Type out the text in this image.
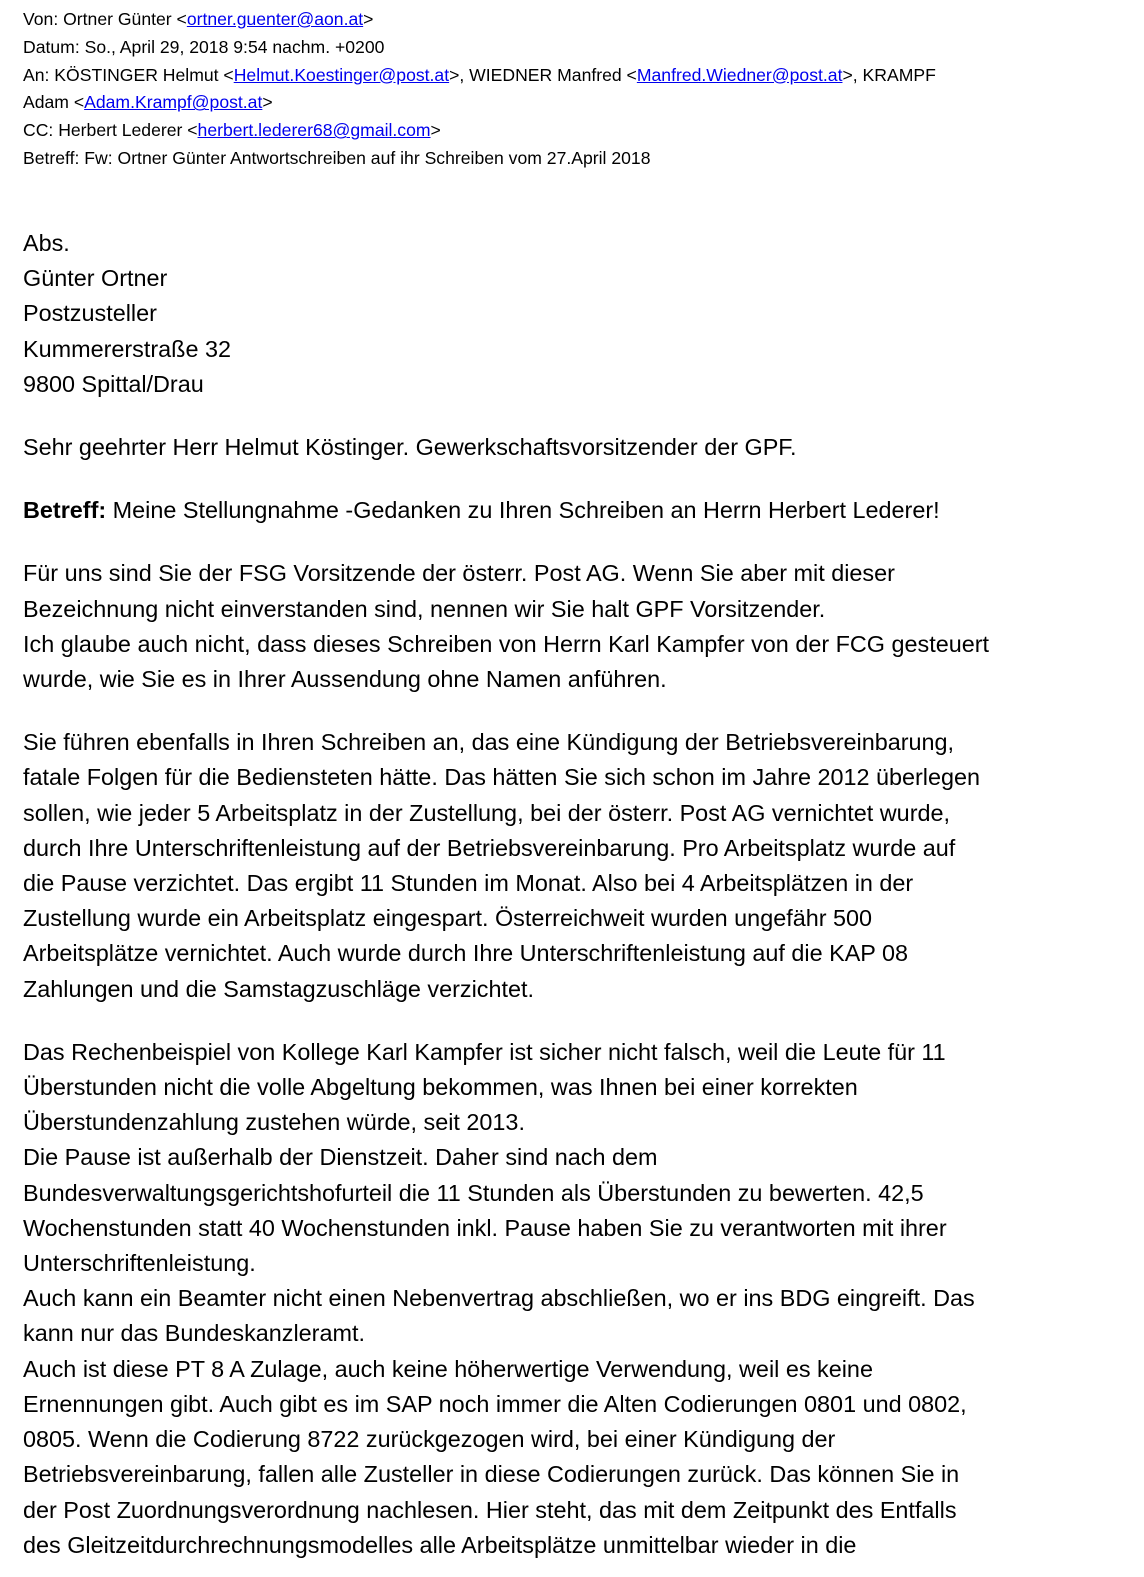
Von: Ortner Günter <ortner.guenter@aon.at>
Datum: So., April 29, 2018 9:54 nachm. +0200
An: KÖSTINGER Helmut <Helmut.Koestinger@post.at>, WIEDNER Manfred <Manfred.Wiedner@post.at>, KRAMPF
Adam <Adam.Krampf@post.at>
CC: Herbert Lederer <herbert.lederer68@gmail.com>
Betreff: Fw: Ortner Günter Antwortschreiben auf ihr Schreiben vom 27.April 2018
Abs.
Günter Ortner
Postzusteller
Kummererstraße 32
9800 Spittal/Drau
Sehr geehrter Herr Helmut Köstinger. Gewerkschaftsvorsitzender der GPF.
Betreff: Meine Stellungnahme -Gedanken zu Ihren Schreiben an Herrn Herbert Lederer!
Für uns sind Sie der FSG Vorsitzende der österr. Post AG. Wenn Sie aber mit dieser
Bezeichnung nicht einverstanden sind, nennen wir Sie halt GPF Vorsitzender.
Ich glaube auch nicht, dass dieses Schreiben von Herrn Karl Kampfer von der FCG gesteuert
wurde, wie Sie es in Ihrer Aussendung ohne Namen anführen.
Sie führen ebenfalls in Ihren Schreiben an, das eine Kündigung der Betriebsvereinbarung,
fatale Folgen für die Bediensteten hätte. Das hätten Sie sich schon im Jahre 2012 überlegen
sollen, wie jeder 5 Arbeitsplatz in der Zustellung, bei der österr. Post AG vernichtet wurde,
durch Ihre Unterschriftenleistung auf der Betriebsvereinbarung. Pro Arbeitsplatz wurde auf
die Pause verzichtet. Das ergibt 11 Stunden im Monat. Also bei 4 Arbeitsplätzen in der
Zustellung wurde ein Arbeitsplatz eingespart. Österreichweit wurden ungefähr 500
Arbeitsplätze vernichtet. Auch wurde durch Ihre Unterschriftenleistung auf die KAP 08
Zahlungen und die Samstagzuschläge verzichtet.
Das Rechenbeispiel von Kollege Karl Kampfer ist sicher nicht falsch, weil die Leute für 11
Überstunden nicht die volle Abgeltung bekommen, was Ihnen bei einer korrekten
Überstundenzahlung zustehen würde, seit 2013.
Die Pause ist außerhalb der Dienstzeit. Daher sind nach dem
Bundesverwaltungsgerichtshofurteil die 11 Stunden als Überstunden zu bewerten. 42,5
Wochenstunden statt 40 Wochenstunden inkl. Pause haben Sie zu verantworten mit ihrer
Unterschriftenleistung.
Auch kann ein Beamter nicht einen Nebenvertrag abschließen, wo er ins BDG eingreift. Das
kann nur das Bundeskanzleramt.
Auch ist diese PT 8 A Zulage, auch keine höherwertige Verwendung, weil es keine
Ernennungen gibt. Auch gibt es im SAP noch immer die Alten Codierungen 0801 und 0802,
0805. Wenn die Codierung 8722 zurückgezogen wird, bei einer Kündigung der
Betriebsvereinbarung, fallen alle Zusteller in diese Codierungen zurück. Das können Sie in
der Post Zuordnungsverordnung nachlesen. Hier steht, das mit dem Zeitpunkt des Entfalls
des Gleitzeitdurchrechnungsmodelles alle Arbeitsplätze unmittelbar wieder in die
